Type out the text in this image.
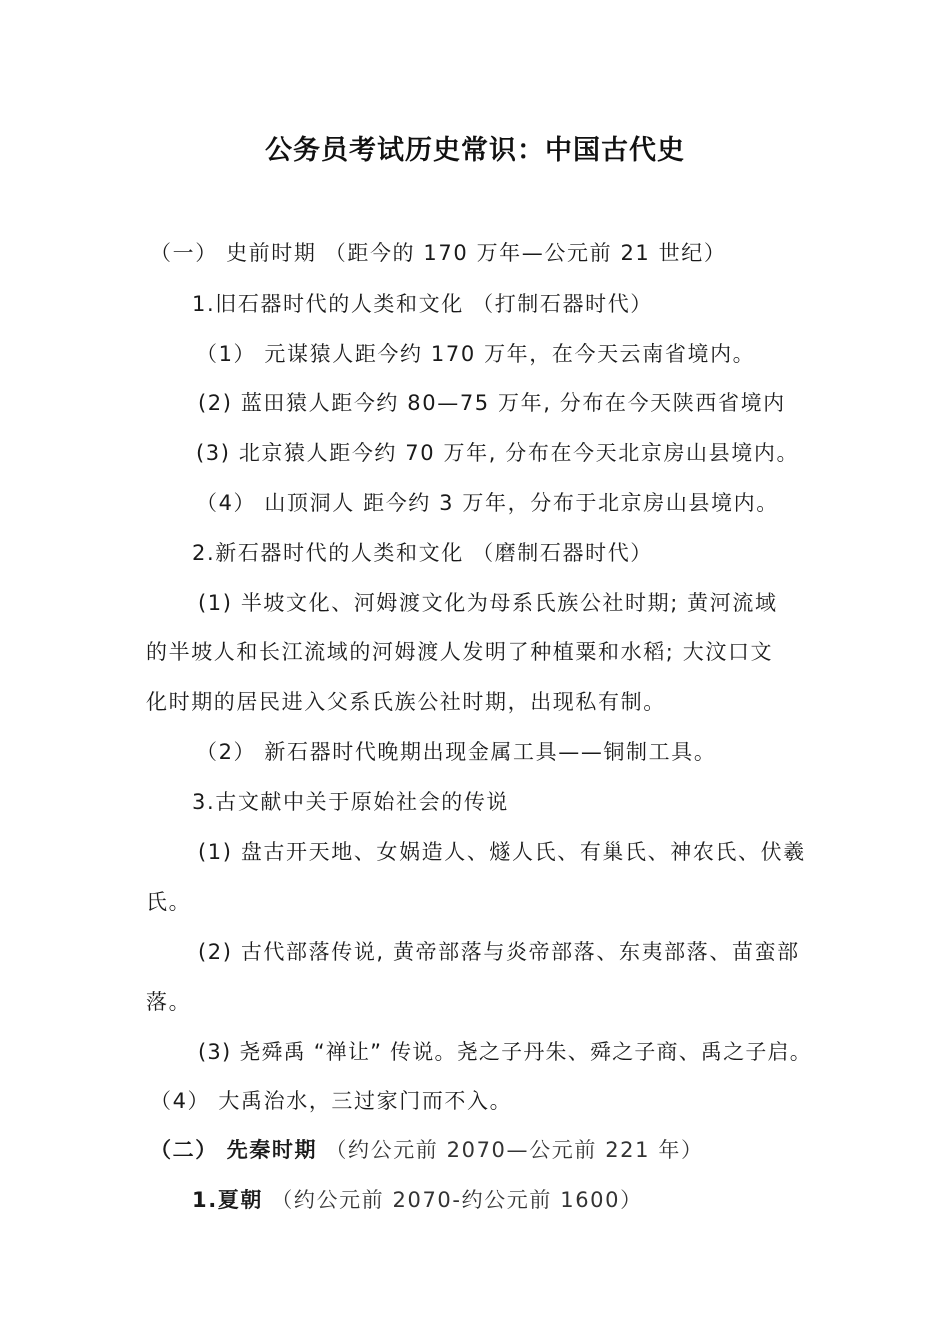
公务员考试历史常识：中国古代史
（一） 史前时期 （距今的 170 万年—公元前 21 世纪）
1.旧石器时代的人类和文化 （打制石器时代）
（1） 元谋猿人距今约 170 万年，在今天云南省境内。
(2) 蓝田猿人距今约 80—75 万年, 分布在今天陕西省境内
(3) 北京猿人距今约 70 万年, 分布在今天北京房山县境内。
（4） 山顶洞人 距今约 3 万年，分布于北京房山县境内。
2.新石器时代的人类和文化 （磨制石器时代）
(1) 半坡文化、河姆渡文化为母系氏族公社时期; 黄河流域
的半坡人和长江流域的河姆渡人发明了种植粟和水稻; 大汶口文
化时期的居民进入父系氏族公社时期，出现私有制。
（2） 新石器时代晚期出现金属工具——铜制工具。
3.古文献中关于原始社会的传说
(1) 盘古开天地、女娲造人、燧人氏、有巢氏、神农氏、伏羲
氏。
(2) 古代部落传说, 黄帝部落与炎帝部落、东夷部落、苗蛮部
落。
(3) 尧舜禹 “禅让” 传说。尧之子丹朱、舜之子商、禹之子启。
（4） 大禹治水，三过家门而不入。
（二） 先秦时期 （约公元前 2070—公元前 221 年）
1.夏朝 （约公元前 2070-约公元前 1600）
